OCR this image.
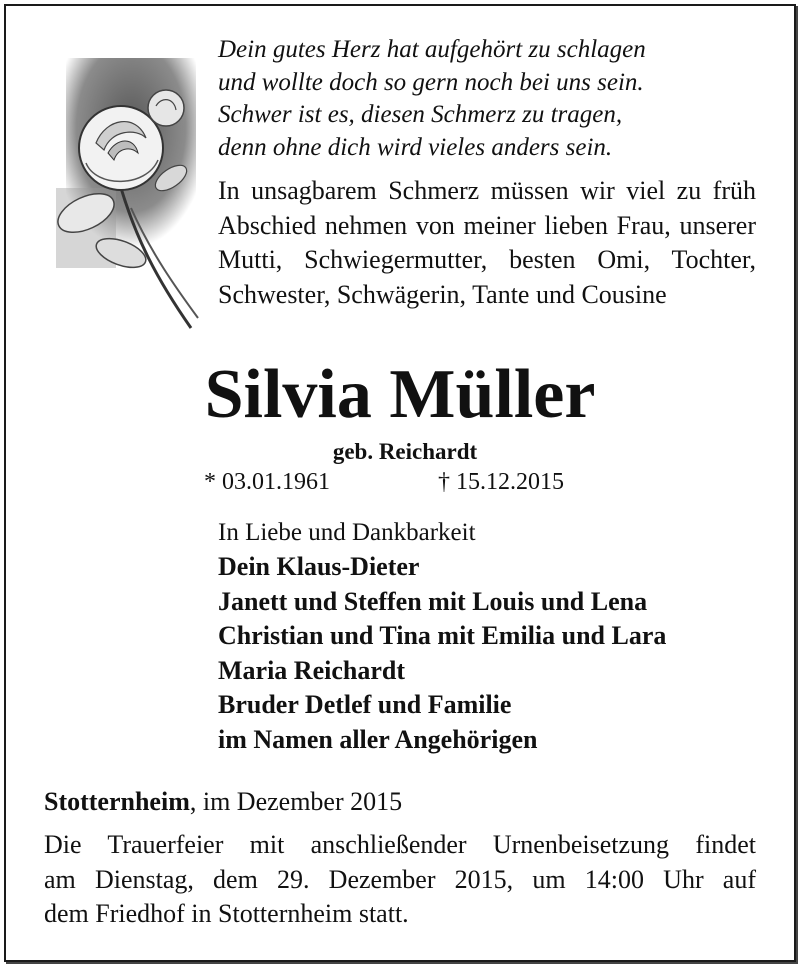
Dein gutes Herz hat aufgehört zu schlagen
und wollte doch so gern noch bei uns sein.
Schwer ist es, diesen Schmerz zu tragen,
denn ohne dich wird vieles anders sein.
In unsagbarem Schmerz müssen wir viel zu früh Abschied nehmen von meiner lieben Frau, unserer Mutti, Schwiegermutter, besten Omi, Tochter, Schwester, Schwägerin, Tante und Cousine
Silvia Müller
geb. Reichardt
* 03.01.1961	† 15.12.2015
In Liebe und Dankbarkeit
Dein Klaus-Dieter
Janett und Steffen mit Louis und Lena
Christian und Tina mit Emilia und Lara
Maria Reichardt
Bruder Detlef und Familie
im Namen aller Angehörigen
Stotternheim, im Dezember 2015
Die Trauerfeier mit anschließender Urnenbeisetzung findet
am Dienstag, dem 29. Dezember 2015, um 14:00 Uhr auf
dem Friedhof in Stotternheim statt.
